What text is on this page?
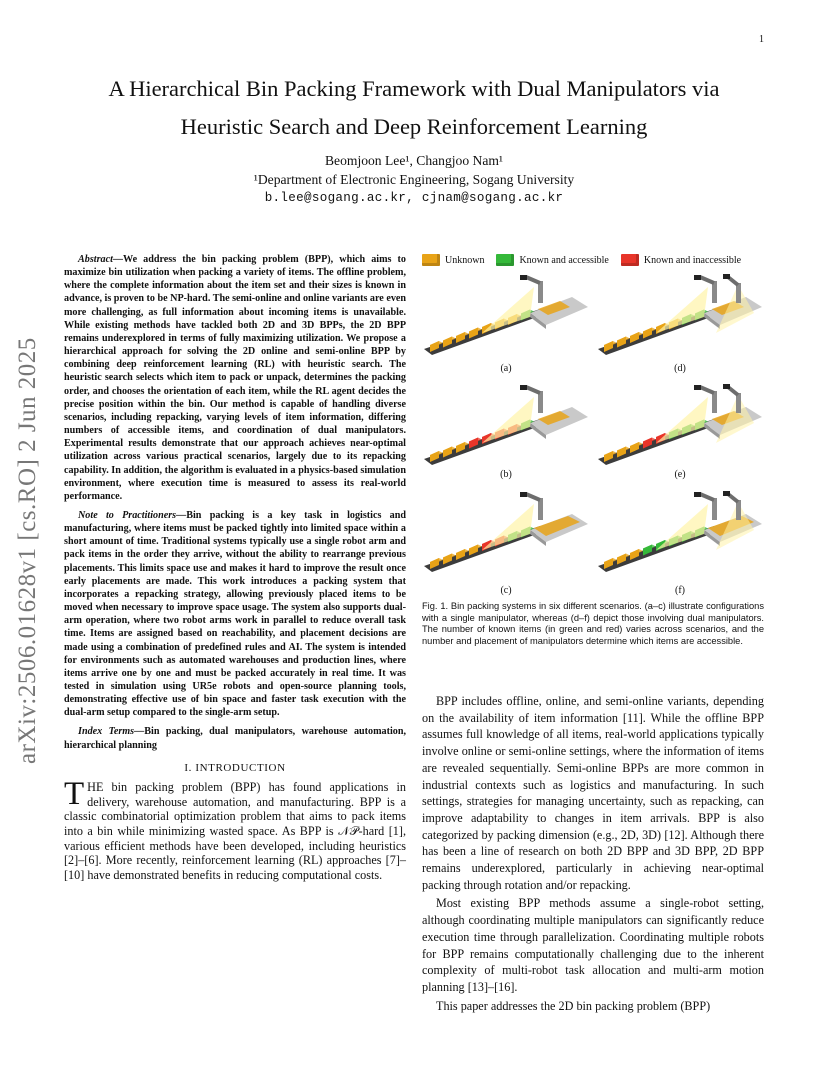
1
arXiv:2506.01628v1 [cs.RO] 2 Jun 2025
A Hierarchical Bin Packing Framework with Dual Manipulators via
Heuristic Search and Deep Reinforcement Learning
Beomjoon Lee¹, Changjoo Nam¹
¹Department of Electronic Engineering, Sogang University
b.lee@sogang.ac.kr, cjnam@sogang.ac.kr

Abstract—We address the bin packing problem (BPP), which aims to maximize bin utilization when packing a variety of items. The offline problem, where the complete information about the item set and their sizes is known in advance, is proven to be NP-hard. The semi-online and online variants are even more challenging, as full information about incoming items is unavailable. While existing methods have tackled both 2D and 3D BPPs, the 2D BPP remains underexplored in terms of fully maximizing utilization. We propose a hierarchical approach for solving the 2D online and semi-online BPP by combining deep reinforcement learning (RL) with heuristic search. The heuristic search selects which item to pack or unpack, determines the packing order, and chooses the orientation of each item, while the RL agent decides the precise position within the bin. Our method is capable of handling diverse scenarios, including repacking, varying levels of item information, differing numbers of accessible items, and coordination of dual manipulators. Experimental results demonstrate that our approach achieves near-optimal utilization across various practical scenarios, largely due to its repacking capability. In addition, the algorithm is evaluated in a physics-based simulation environment, where execution time is measured to assess its real-world performance.

Note to Practitioners—Bin packing is a key task in logistics and manufacturing, where items must be packed tightly into limited space within a short amount of time. Traditional systems typically use a single robot arm and pack items in the order they arrive, without the ability to rearrange previous placements. This limits space use and makes it hard to improve the result once early placements are made. This work introduces a packing system that incorporates a repacking strategy, allowing previously placed items to be moved when necessary to improve space usage. The system also supports dual-arm operation, where two robot arms work in parallel to reduce overall task time. Items are assigned based on reachability, and placement decisions are made using a combination of predefined rules and AI. The system is intended for environments such as automated warehouses and production lines, where items arrive one by one and must be packed accurately in real time. It was tested in simulation using UR5e robots and open-source planning tools, demonstrating effective use of bin space and faster task execution with the dual-arm setup compared to the single-arm setup.

Index Terms—Bin packing, dual manipulators, warehouse automation, hierarchical planning

I. INTRODUCTION
THE bin packing problem (BPP) has found applications in delivery, warehouse automation, and manufacturing. BPP is a classic combinatorial optimization problem that aims to pack items into a bin while minimizing wasted space. As BPP is 𝒩𝒫-hard [1], various efficient methods have been developed, including heuristics [2]–[6]. More recently, reinforcement learning (RL) approaches [7]–[10] have demonstrated benefits in reducing computational costs.
Unknown	Known and accessible	Known and inaccessible
(a)
(b)
(c)
(d)
(e)
(f)
Fig. 1. Bin packing systems in six different scenarios. (a–c) illustrate configurations with a single manipulator, whereas (d–f) depict those involving dual manipulators. The number of known items (in green and red) varies across scenarios, and the number and placement of manipulators determine which items are accessible.

BPP includes offline, online, and semi-online variants, depending on the availability of item information [11]. While the offline BPP assumes full knowledge of all items, real-world applications typically involve online or semi-online settings, where the information of items are revealed sequentially. Semi-online BPPs are more common in industrial contexts such as logistics and manufacturing. In such settings, strategies for managing uncertainty, such as repacking, can improve adaptability to changes in item arrivals. BPP is also categorized by packing dimension (e.g., 2D, 3D) [12]. Although there has been a line of research on both 2D BPP and 3D BPP, 2D BPP remains underexplored, particularly in achieving near-optimal packing through rotation and/or repacking.

Most existing BPP methods assume a single-robot setting, although coordinating multiple manipulators can significantly reduce execution time through parallelization. Coordinating multiple robots for BPP remains computationally challenging due to the inherent complexity of multi-robot task allocation and multi-arm motion planning [13]–[16].

This paper addresses the 2D bin packing problem (BPP)
